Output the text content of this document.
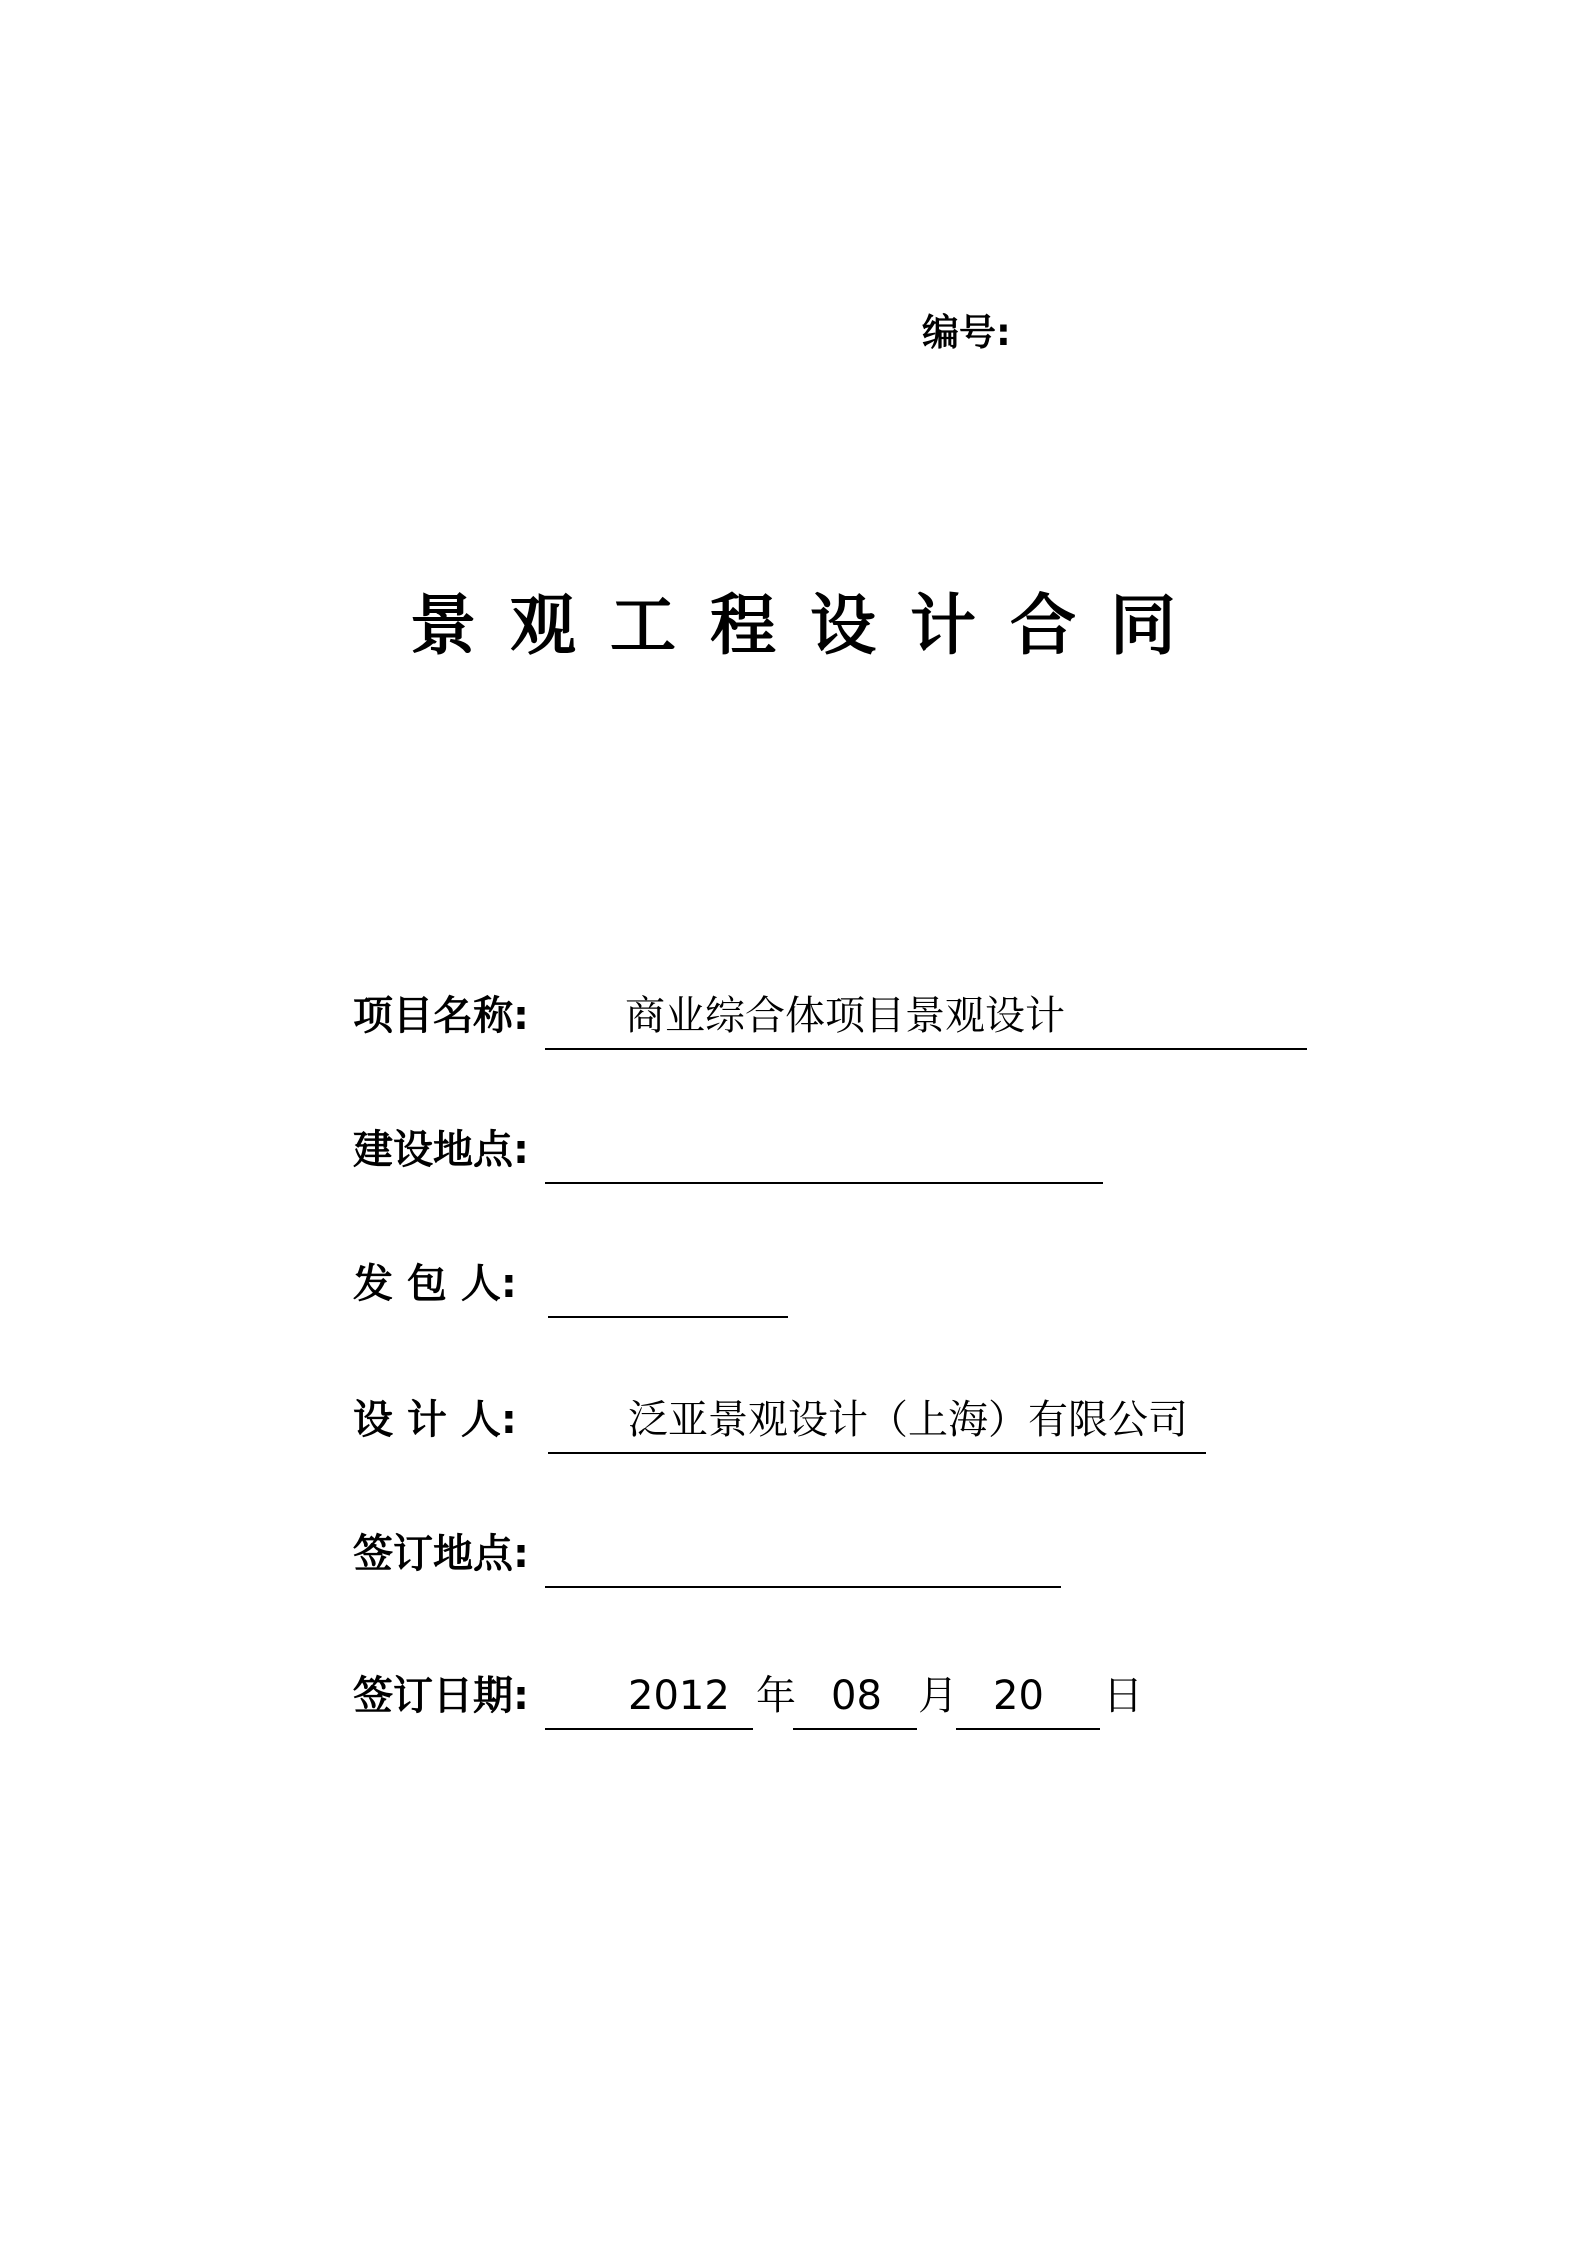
编号:
景观工程设计合同
项目名称: 商业综合体项目景观设计
建设地点:
发 包 人:
设 计 人:	泛亚景观设计（上海）有限公司
签订地点:
签订日期: 2012 年 08 月 20 日
